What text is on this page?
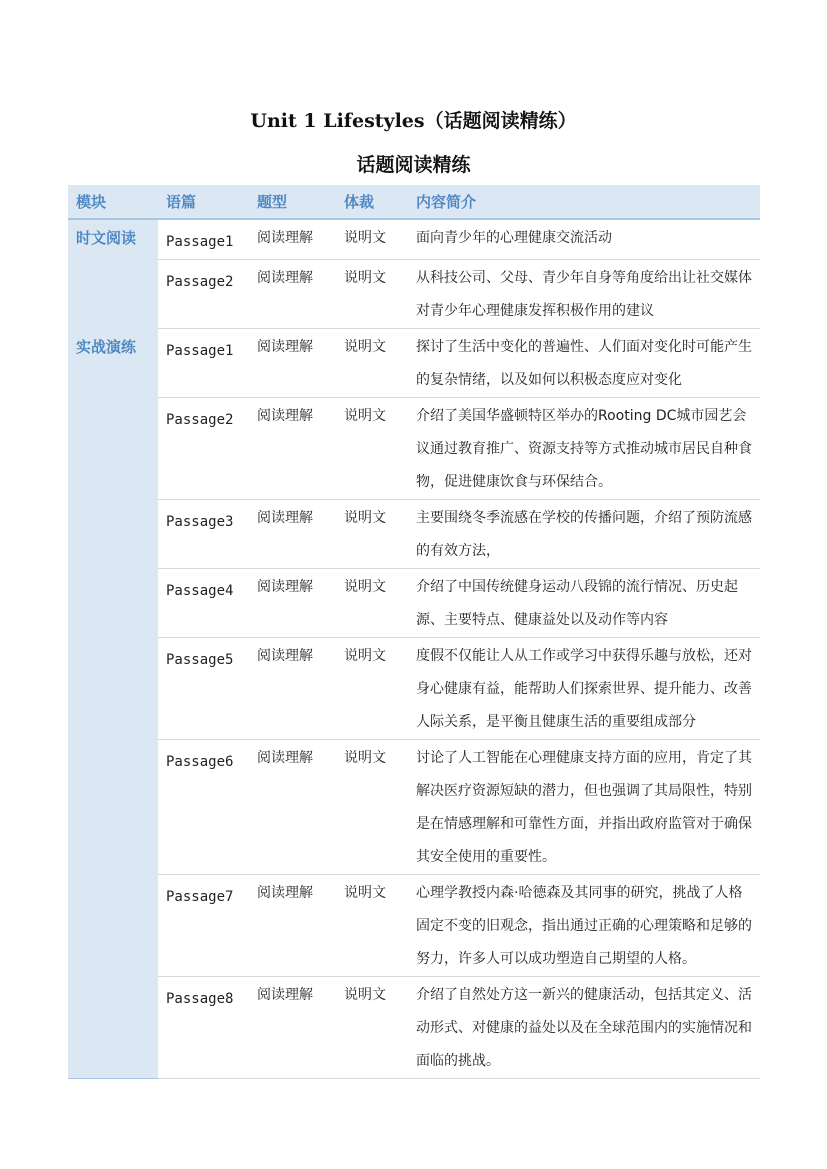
Unit 1 Lifestyles（话题阅读精练）
话题阅读精练
模块	语篇	题型	体裁	内容简介
时文阅读	Passage1	阅读理解	说明文	面向青少年的心理健康交流活动
	Passage2	阅读理解	说明文	从科技公司、父母、青少年自身等角度给出让社交媒体对青少年心理健康发挥积极作用的建议
实战演练	Passage1	阅读理解	说明文	探讨了生活中变化的普遍性、人们面对变化时可能产生的复杂情绪，以及如何以积极态度应对变化
	Passage2	阅读理解	说明文	介绍了美国华盛顿特区举办的Rooting DC城市园艺会议通过教育推广、资源支持等方式推动城市居民自种食物，促进健康饮食与环保结合。
	Passage3	阅读理解	说明文	主要围绕冬季流感在学校的传播问题，介绍了预防流感的有效方法，
	Passage4	阅读理解	说明文	介绍了中国传统健身运动八段锦的流行情况、历史起源、主要特点、健康益处以及动作等内容
	Passage5	阅读理解	说明文	度假不仅能让人从工作或学习中获得乐趣与放松，还对身心健康有益，能帮助人们探索世界、提升能力、改善人际关系，是平衡且健康生活的重要组成部分
	Passage6	阅读理解	说明文	讨论了人工智能在心理健康支持方面的应用，肯定了其解决医疗资源短缺的潜力，但也强调了其局限性，特别是在情感理解和可靠性方面，并指出政府监管对于确保其安全使用的重要性。
	Passage7	阅读理解	说明文	心理学教授内森·哈德森及其同事的研究，挑战了人格固定不变的旧观念，指出通过正确的心理策略和足够的努力，许多人可以成功塑造自己期望的人格。
	Passage8	阅读理解	说明文	介绍了自然处方这一新兴的健康活动，包括其定义、活动形式、对健康的益处以及在全球范围内的实施情况和面临的挑战。
